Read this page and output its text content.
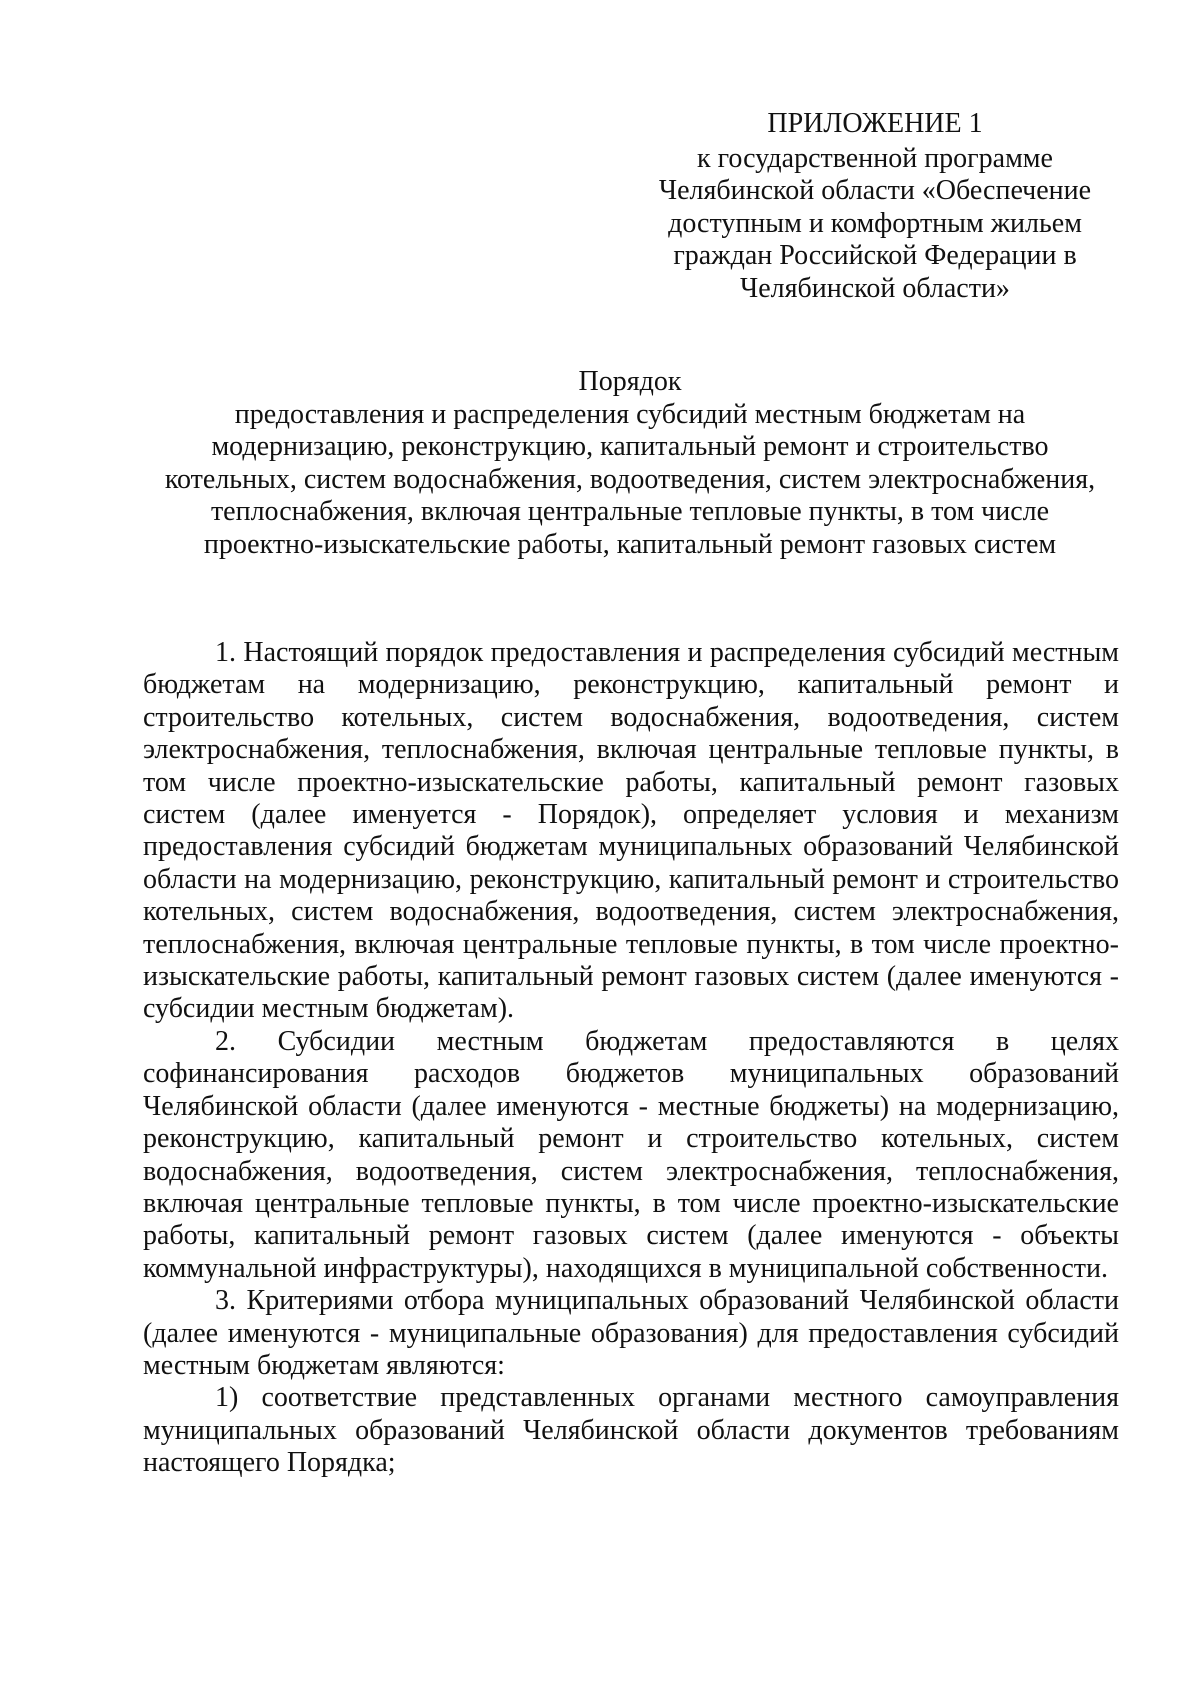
ПРИЛОЖЕНИЕ 1
к государственной программе
Челябинской области «Обеспечение
доступным и комфортным жильем
граждан Российской Федерации в
Челябинской области»
Порядок
предоставления и распределения субсидий местным бюджетам на
модернизацию, реконструкцию, капитальный ремонт и строительство
котельных, систем водоснабжения, водоотведения, систем электроснабжения,
теплоснабжения, включая центральные тепловые пункты, в том числе
проектно-изыскательские работы, капитальный ремонт газовых систем

1. Настоящий порядок предоставления и распределения субсидий местным бюджетам на модернизацию, реконструкцию, капитальный ремонт и строительство котельных, систем водоснабжения, водоотведения, систем электроснабжения, теплоснабжения, включая центральные тепловые пункты, в том числе проектно-изыскательские работы, капитальный ремонт газовых систем (далее именуется - Порядок), определяет условия и механизм предоставления субсидий бюджетам муниципальных образований Челябинской области на модернизацию, реконструкцию, капитальный ремонт и строительство котельных, систем водоснабжения, водоотведения, систем электроснабжения, теплоснабжения, включая центральные тепловые пункты, в том числе проектно-изыскательские работы, капитальный ремонт газовых систем (далее именуются - субсидии местным бюджетам).

2. Субсидии местным бюджетам предоставляются в целях софинансирования расходов бюджетов муниципальных образований Челябинской области (далее именуются - местные бюджеты) на модернизацию, реконструкцию, капитальный ремонт и строительство котельных, систем водоснабжения, водоотведения, систем электроснабжения, теплоснабжения, включая центральные тепловые пункты, в том числе проектно-изыскательские работы, капитальный ремонт газовых систем (далее именуются - объекты коммунальной инфраструктуры), находящихся в муниципальной собственности.

3. Критериями отбора муниципальных образований Челябинской области (далее именуются - муниципальные образования) для предоставления субсидий местным бюджетам являются:

1) соответствие представленных органами местного самоуправления муниципальных образований Челябинской области документов требованиям настоящего Порядка;
